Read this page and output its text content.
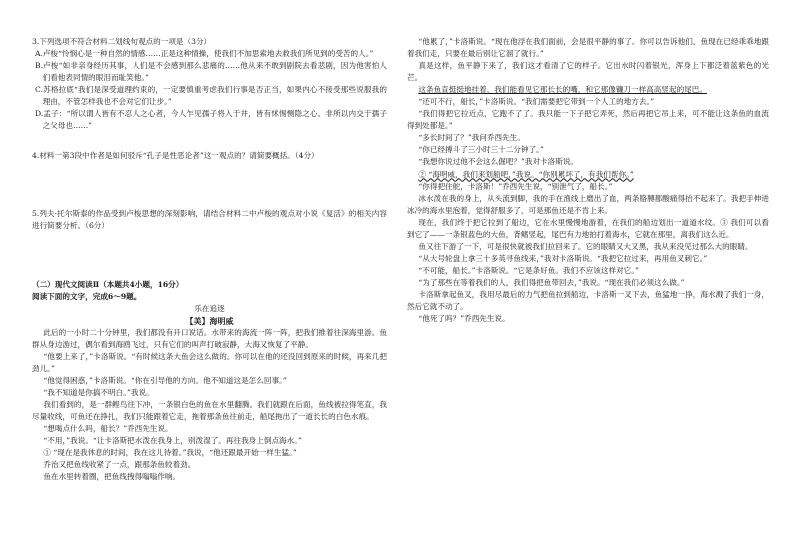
3.下列选项不符合材料二划线句观点的一项是（3分）

A.卢梭“怜悯心是一种自然的情感……正是这种情操，使我们不加思索地去救我们所见到的受苦的人。”

B.卢梭“如非亲身经历其事，人们是不会感到那么悲痛的……他从来不敢到剧院去看悲剧，因为他害怕人们看他表同情的眼泪而耻笑他。”

C.苏格拉底“我们是深受道理约束的，一定要慎重考虑我们行事是否正当，如果内心不接受那些说服我的理由，不管怎样我也不会对它们让步。”

D.孟子：“所以谓人皆有不忍人之心者，今人乍见孺子将入于井，皆有怵惕恻隐之心。非所以内交于孺子之父母也……”

4.材料一第3段中作者是如何驳斥“孔子是性恶论者”这一观点的？请简要概括。（4分）

5.列夫·托尔斯泰的作品受到卢梭思想的深刻影响，请结合材料二中卢梭的观点对小说《复活》的相关内容进行简要分析。（6分）

（二）现代文阅读Ⅱ（本题共4小题，16分）

阅读下面的文字，完成6～9题。

乐在追逐

【美】海明威

此后的一小时二十分钟里，我们都没有开口说话。水带来的海流一阵一阵，把我们推着往深海里游。鱼群从身边游过，偶尔看到海鸥飞过，只有它们的叫声打破寂静，大海又恢复了平静。

“他要上来了，”卡洛斯说。“有时候这条大鱼会这么做的。你可以在他的还没回到原来的时候，再来几把劲儿。”

“他觉得困惑，”卡洛斯说。“你在引导他的方向。他不知道这是怎么回事。”

“我不知道是你搞不明白。”我说。

我们看到的，是一群鲣鸟往下冲，一条银白色的鱼在水里翻腾。我们就跟在后面，鱼线被拉得笔直，我尽量收线，可鱼还在挣扎，我们只能跟着它走，拖着那条鱼往前走，船尾拖出了一道长长的白色水痕。

“想喝点什么吗，船长？”乔西先生说。

“不用，”我说。“让卡洛斯把水泼在我身上，别泼湿了。再往我身上倒点海水。”

① “现在是我休息的时间，我在这儿待着。”我说，“他还跟最开始一样生猛。”

乔治又把鱼线收紧了一点，跟那条鱼较着劲。

鱼在水里转着圈，把鱼线拽得嗡嗡作响。

“他累了，”卡洛斯说。“现在他浮在我们面前，会是很平静的事了。你可以告诉他们，鱼现在已经乖乖地跟着我们走，只要在最后别让它溜了就行。”

真是这样，鱼平静下来了，我们这才看清了它的样子。它出水时闪着银光，浑身上下都泛着蓝紫色的光芒。

这条鱼直挺挺地挂着，我们能看见它那长长的嘴，和它那像镰刀一样高高竖起的尾巴。

“还可不行，船长，”卡洛斯说。“我们需要把它带到一个人工的地方去。”

“我们得把它拉近点，它跑不了了。我只能一下子把它弄死，然后再把它吊上来，可不能让这条鱼的血流得到处都是。”

“多长时间了？”我问乔西先生。

“你已经搏斗了三小时三十二分钟了。”

“我想你说过他不会这么倔吧？”我对卡洛斯说。

② “海明威，我们来划船吧，”我说。“你别累坏了，有我们帮你。”

“你得把住舵，卡洛斯！”乔西先生说，“别泄气了，船长。”

冰水泼在我的身上，从头流到脚，我的手在渔线上磨出了血，两条胳膊都酸痛得抬不起来了。我把手伸进冰冷的海水里泡着，觉得舒服多了，可是那鱼还是不肯上来。

现在，我们终于把它拉到了船边，它在水里慢慢地游着，在我们的船边划出一道道水纹。③ 我们可以看到它了——一条银蓝色的大鱼，背鳍竖起，尾巴有力地拍打着海水，它就在那里，离我们这么近。

鱼又往下游了一下，可是很快就被我们拉回来了。它的眼睛又大又黑，我从来没见过那么大的眼睛。

“从大号轮盘上拿三十多英寻鱼线来，”我对卡洛斯说。“我把它拉过来，再用鱼叉刺它。”

“不可能，船长。”卡洛斯说。“它是条好鱼。我们不应该这样对它。”

“为了那些在等着我们的人，我们得把鱼带回去，”我说。“现在我们必须这么做。”

卡洛斯拿起鱼叉，我用尽最后的力气把鱼拉到船边，卡洛斯一叉下去，鱼猛地一挣，海水溅了我们一身，然后它就不动了。

“他死了吗？”乔西先生说。
